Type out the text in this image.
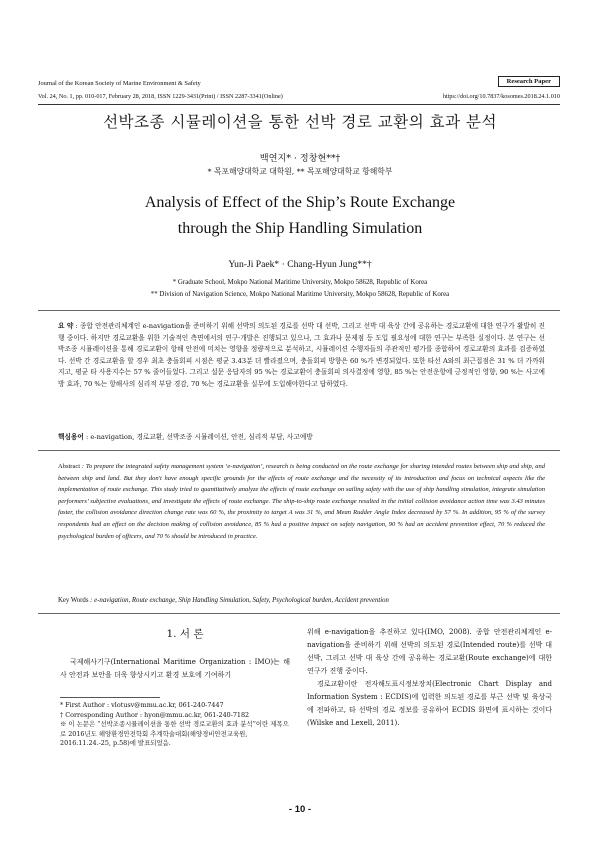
Journal of the Korean Society of Marine Environment & Safety	Research Paper
Vol. 24, No. 1, pp. 010-017, February 28, 2018, ISSN 1229-3431(Print) / ISSN 2287-3341(Online)	https://doi.org/10.7837/kosomes.2018.24.1.010
선박조종 시뮬레이션을 통한 선박 경로 교환의 효과 분석
백연지* · 정창현**†
* 목포해양대학교 대학원, ** 목포해양대학교 항해학부
Analysis of Effect of the Ship’s Route Exchange
through the Ship Handling Simulation
Yun-Ji Paek* · Chang-Hyun Jung**†
* Graduate School, Mokpo National Maritime University, Mokpo 58628, Republic of Korea
** Division of Navigation Science, Mokpo National Maritime University, Mokpo 58628, Republic of Korea
요 약 : 종합 안전관리체계인 e-navigation을 준비하기 위해 선박의 의도된 경로를 선박 대 선박, 그리고 선박 대 육상 간에 공유하는 경로교환에 대한 연구가 활발히 진행 중이다. 하지만 경로교환을 위한 기술적인 측면에서의 연구·개발은 진행되고 있으나, 그 효과나 문제점 등 도입 필요성에 대한 연구는 부족한 실정이다. 본 연구는 선박조종 시뮬레이션을 통해 경로교환이 항해 안전에 미치는 영향을 정량적으로 분석하고, 시뮬레이션 수행자들의 주관적인 평가를 종합하여 경로교환의 효과를 검증하였다. 선박 간 경로교환을 할 경우 최초 충돌회피 시점은 평균 3.43분 더 빨라졌으며, 충돌회피 방향은 60 %가 변경되었다. 또한 타선 A와의 최근접점은 31 % 더 가까워지고, 평균 타 사용지수는 57 % 줄어들었다. 그리고 설문 응답자의 95 %는 경로교환이 충돌회피 의사결정에 영향, 85 %는 안전운항에 긍정적인 영향, 90 %는 사고예방 효과, 70 %는 항해사의 심리적 부담 경감, 70 %는 경로교환을 실무에 도입해야한다고 답하였다.
핵심용어 : e-navigation, 경로교환, 선박조종 시뮬레이션, 안전, 심리적 부담, 사고예방
Abstract : To prepare the integrated safety management system ‘e-navigation’, research is being conducted on the route exchange for sharing intended routes between ship and ship, and between ship and land. But they don't have enough specific grounds for the effects of route exchange and the necessity of its introduction and focus on technical aspects like the implementation of route exchange. This study tried to quantitatively analyze the effects of route exchange on sailing safety with the use of ship handling simulation, integrate simulation performers’ subjective evaluations, and investigate the effects of route exchange. The ship-to-ship route exchange resulted in the initial collision avoidance action time was 3.43 minutes faster, the collision avoidance direction change rate was 60 %, the proximity to target A was 31 %, and Mean Rudder Angle Index decreased by 57 %. In addition, 95 % of the survey respondents had an effect on the decision making of collision avoidance, 85 % had a positive impact on safety navigation, 90 % had an accident prevention effect, 70 % reduced the psychological burden of officers, and 70 % should be introduced in practice.
Key Words : e-navigation, Route exchange, Ship Handling Simulation, Safety, Psychological burden, Accident prevention
1. 서 론
국제해사기구(International Maritime Organization : IMO)는 해사 안전과 보안을 더욱 향상시키고 환경 보호에 기여하기
* First Author : vlotusv@mmu.ac.kr, 061-240-7447
† Corresponding Author : hyon@mmu.ac.kr, 061-240-7182
※ 이 논문은 “선박조종시뮬레이션을 통한 선박 경로교환의 효과 분석”이란 제목으로 2016년도 해양환경안전학회 추계학술대회(해양경비안전교육원, 2016.11.24.-25, p.58)에 발표되었음.

위해 e-navigation을 추진하고 있다(IMO, 2008). 종합 안전관리체계인 e-navigation을 준비하기 위해 선박의 의도된 경로(Intended route)를 선박 대 선박, 그리고 선박 대 육상 간에 공유하는 경로교환(Route exchange)에 대한 연구가 진행 중이다.

경로교환이란 전자해도표시정보장치(Electronic Chart Display and Information System : ECDIS)에 입력한 의도된 경로를 부근 선박 및 육상국에 전파하고, 타 선박의 경로 정보를 공유하여 ECDIS 화면에 표시하는 것이다(Wilske and Lexell, 2011).

- 10 -
